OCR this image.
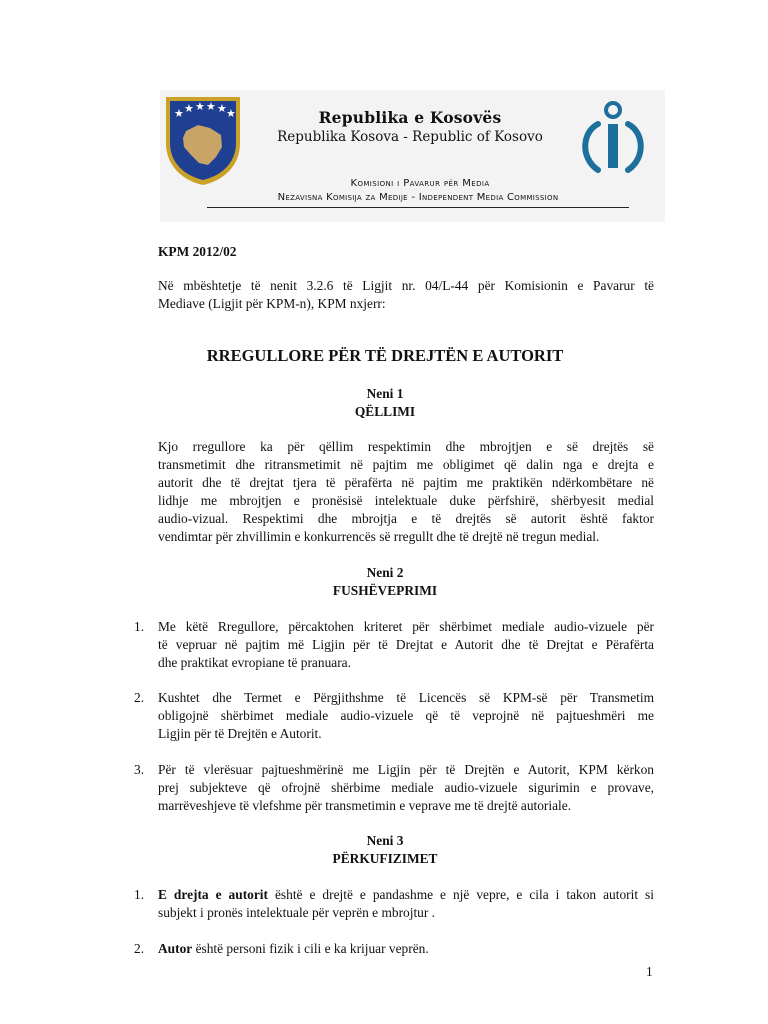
★ ★ ★ ★ ★ ★	Republika e Kosovës
Republika Kosova - Republic of Kosovo
Komisioni i Pavarur për Media
Nezavisna Komisija za Medije - Independent Media Commission
KPM 2012/02
Në mbështetje të nenit 3.2.6 të Ligjit nr. 04/L-44 për Komisionin e Pavarur të
Mediave (Ligjit për KPM-n), KPM nxjerr:
RREGULLORE PËR TË DREJTËN E AUTORIT
Neni 1
QËLLIMI
Kjo rregullore ka për qëllim respektimin dhe mbrojtjen e së drejtës së
transmetimit dhe ritransmetimit në pajtim me obligimet që dalin nga e drejta e
autorit dhe të drejtat tjera të përafërta në pajtim me praktikën ndërkombëtare në
lidhje me mbrojtjen e pronësisë intelektuale duke përfshirë, shërbyesit medial
audio-vizual. Respektimi dhe mbrojtja e të drejtës së autorit është faktor
vendimtar për zhvillimin e konkurrencës së rregullt dhe të drejtë në tregun medial.
Neni 2
FUSHËVEPRIMI
1.	Me këtë Rregullore, përcaktohen kriteret për shërbimet mediale audio-vizuele për
të vepruar në pajtim më Ligjin për të Drejtat e Autorit dhe të Drejtat e Përafërta
dhe praktikat evropiane të pranuara.
2.	Kushtet dhe Termet e Përgjithshme të Licencës së KPM-së për Transmetim
obligojnë shërbimet mediale audio-vizuele që të veprojnë në pajtueshmëri me
Ligjin për të Drejtën e Autorit.
3.	Për të vlerësuar pajtueshmërinë me Ligjin për të Drejtën e Autorit, KPM kërkon
prej subjekteve që ofrojnë shërbime mediale audio-vizuele sigurimin e provave,
marrëveshjeve të vlefshme për transmetimin e veprave me të drejtë autoriale.
Neni 3
PËRKUFIZIMET
1.	E drejta e autorit është e drejtë e pandashme e një vepre, e cila i takon autorit si
subjekt i pronës intelektuale për veprën e mbrojtur .
2.	Autor është personi fizik i cili e ka krijuar veprën.
1
